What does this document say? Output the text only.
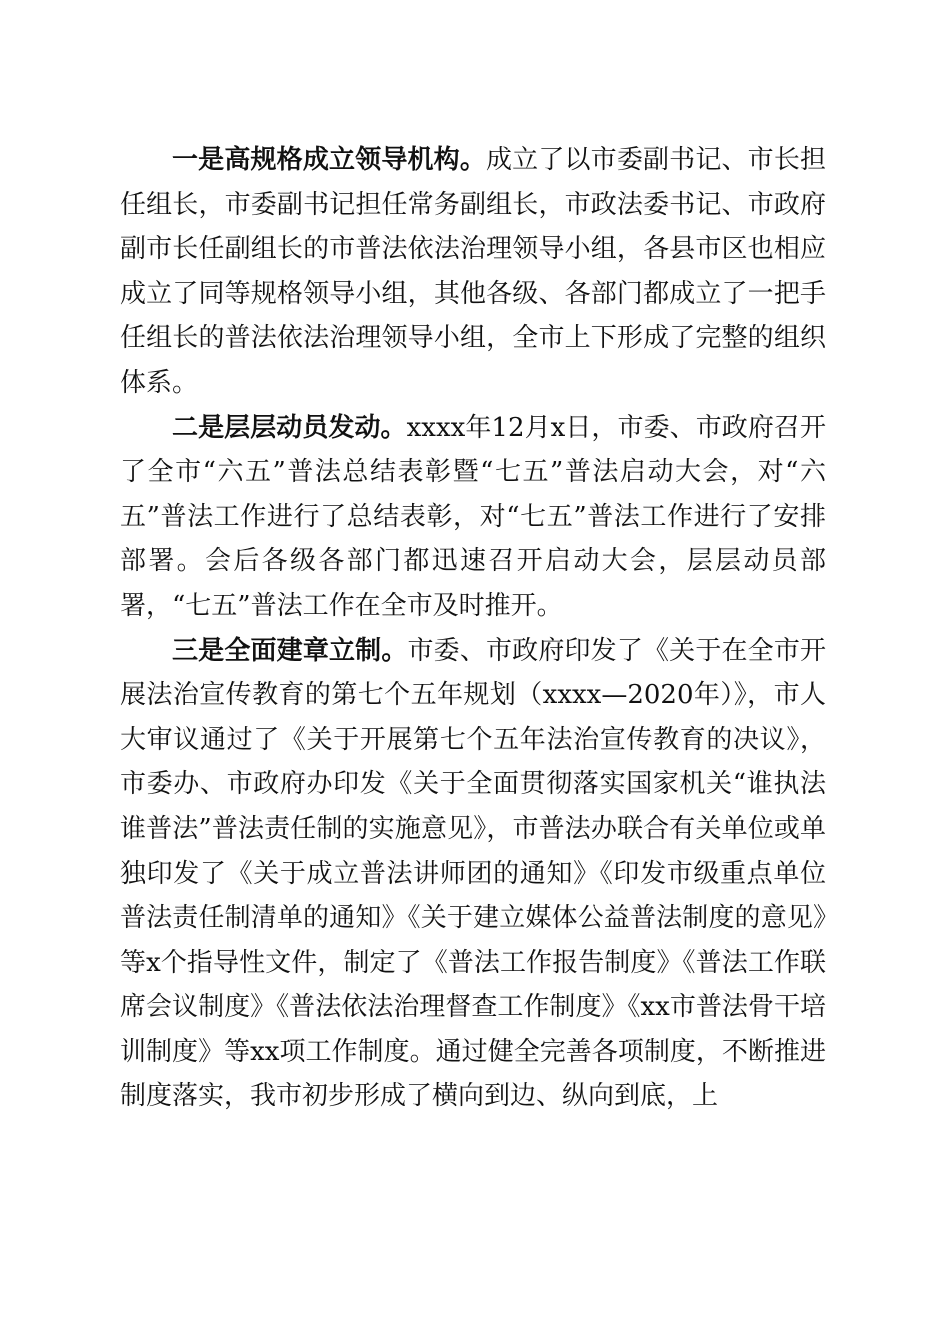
一是高规格成立领导机构。成立了以市委副书记、市长担任组长，市委副书记担任常务副组长，市政法委书记、市政府副市长任副组长的市普法依法治理领导小组，各县市区也相应成立了同等规格领导小组，其他各级、各部门都成立了一把手任组长的普法依法治理领导小组，全市上下形成了完整的组织体系。

二是层层动员发动。xxxx年12月x日，市委、市政府召开了全市“六五”普法总结表彰暨“七五”普法启动大会，对“六五”普法工作进行了总结表彰，对“七五”普法工作进行了安排部署。会后各级各部门都迅速召开启动大会，层层动员部署，“七五”普法工作在全市及时推开。

三是全面建章立制。市委、市政府印发了《关于在全市开展法治宣传教育的第七个五年规划（xxxx—2020年）》，市人大审议通过了《关于开展第七个五年法治宣传教育的决议》，市委办、市政府办印发《关于全面贯彻落实国家机关“谁执法谁普法”普法责任制的实施意见》，市普法办联合有关单位或单独印发了《关于成立普法讲师团的通知》《印发市级重点单位普法责任制清单的通知》《关于建立媒体公益普法制度的意见》等x个指导性文件，制定了《普法工作报告制度》《普法工作联席会议制度》《普法依法治理督查工作制度》《xx市普法骨干培训制度》等xx项工作制度。通过健全完善各项制度，不断推进制度落实，我市初步形成了横向到边、纵向到底，上
